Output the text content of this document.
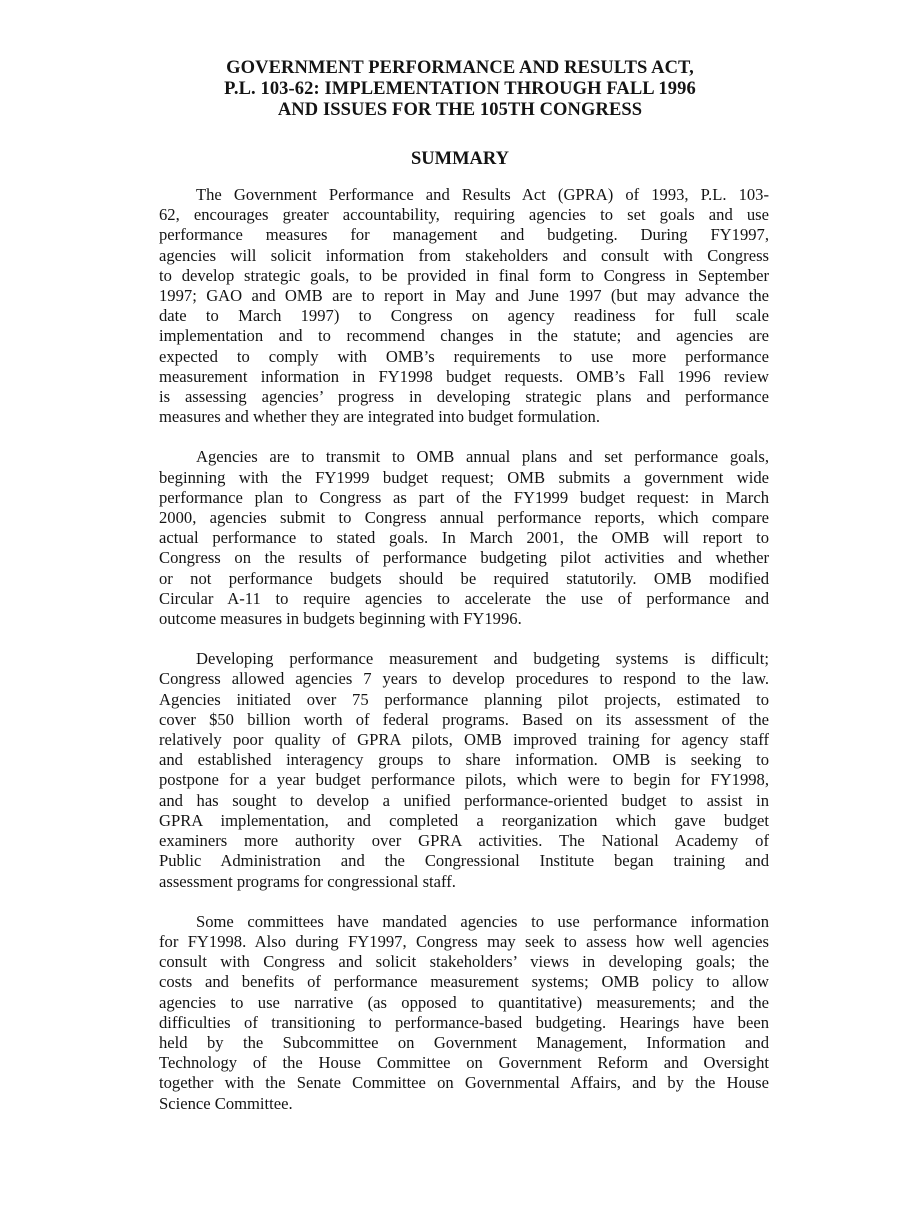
GOVERNMENT PERFORMANCE AND RESULTS ACT,
P.L. 103-62: IMPLEMENTATION THROUGH FALL 1996
AND ISSUES FOR THE 105TH CONGRESS
SUMMARY
The Government Performance and Results Act (GPRA) of 1993, P.L. 103-
62, encourages greater accountability, requiring agencies to set goals and use
performance measures for management and budgeting. During FY1997,
agencies will solicit information from stakeholders and consult with Congress
to develop strategic goals, to be provided in final form to Congress in September
1997; GAO and OMB are to report in May and June 1997 (but may advance the
date to March 1997) to Congress on agency readiness for full scale
implementation and to recommend changes in the statute; and agencies are
expected to comply with OMB’s requirements to use more performance
measurement information in FY1998 budget requests. OMB’s Fall 1996 review
is assessing agencies’ progress in developing strategic plans and performance
measures and whether they are integrated into budget formulation.
Agencies are to transmit to OMB annual plans and set performance goals,
beginning with the FY1999 budget request; OMB submits a government wide
performance plan to Congress as part of the FY1999 budget request: in March
2000, agencies submit to Congress annual performance reports, which compare
actual performance to stated goals. In March 2001, the OMB will report to
Congress on the results of performance budgeting pilot activities and whether
or not performance budgets should be required statutorily. OMB modified
Circular A-11 to require agencies to accelerate the use of performance and
outcome measures in budgets beginning with FY1996.
Developing performance measurement and budgeting systems is difficult;
Congress allowed agencies 7 years to develop procedures to respond to the law.
Agencies initiated over 75 performance planning pilot projects, estimated to
cover $50 billion worth of federal programs. Based on its assessment of the
relatively poor quality of GPRA pilots, OMB improved training for agency staff
and established interagency groups to share information. OMB is seeking to
postpone for a year budget performance pilots, which were to begin for FY1998,
and has sought to develop a unified performance-oriented budget to assist in
GPRA implementation, and completed a reorganization which gave budget
examiners more authority over GPRA activities. The National Academy of
Public Administration and the Congressional Institute began training and
assessment programs for congressional staff.
Some committees have mandated agencies to use performance information
for FY1998. Also during FY1997, Congress may seek to assess how well agencies
consult with Congress and solicit stakeholders’ views in developing goals; the
costs and benefits of performance measurement systems; OMB policy to allow
agencies to use narrative (as opposed to quantitative) measurements; and the
difficulties of transitioning to performance-based budgeting. Hearings have been
held by the Subcommittee on Government Management, Information and
Technology of the House Committee on Government Reform and Oversight
together with the Senate Committee on Governmental Affairs, and by the House
Science Committee.
